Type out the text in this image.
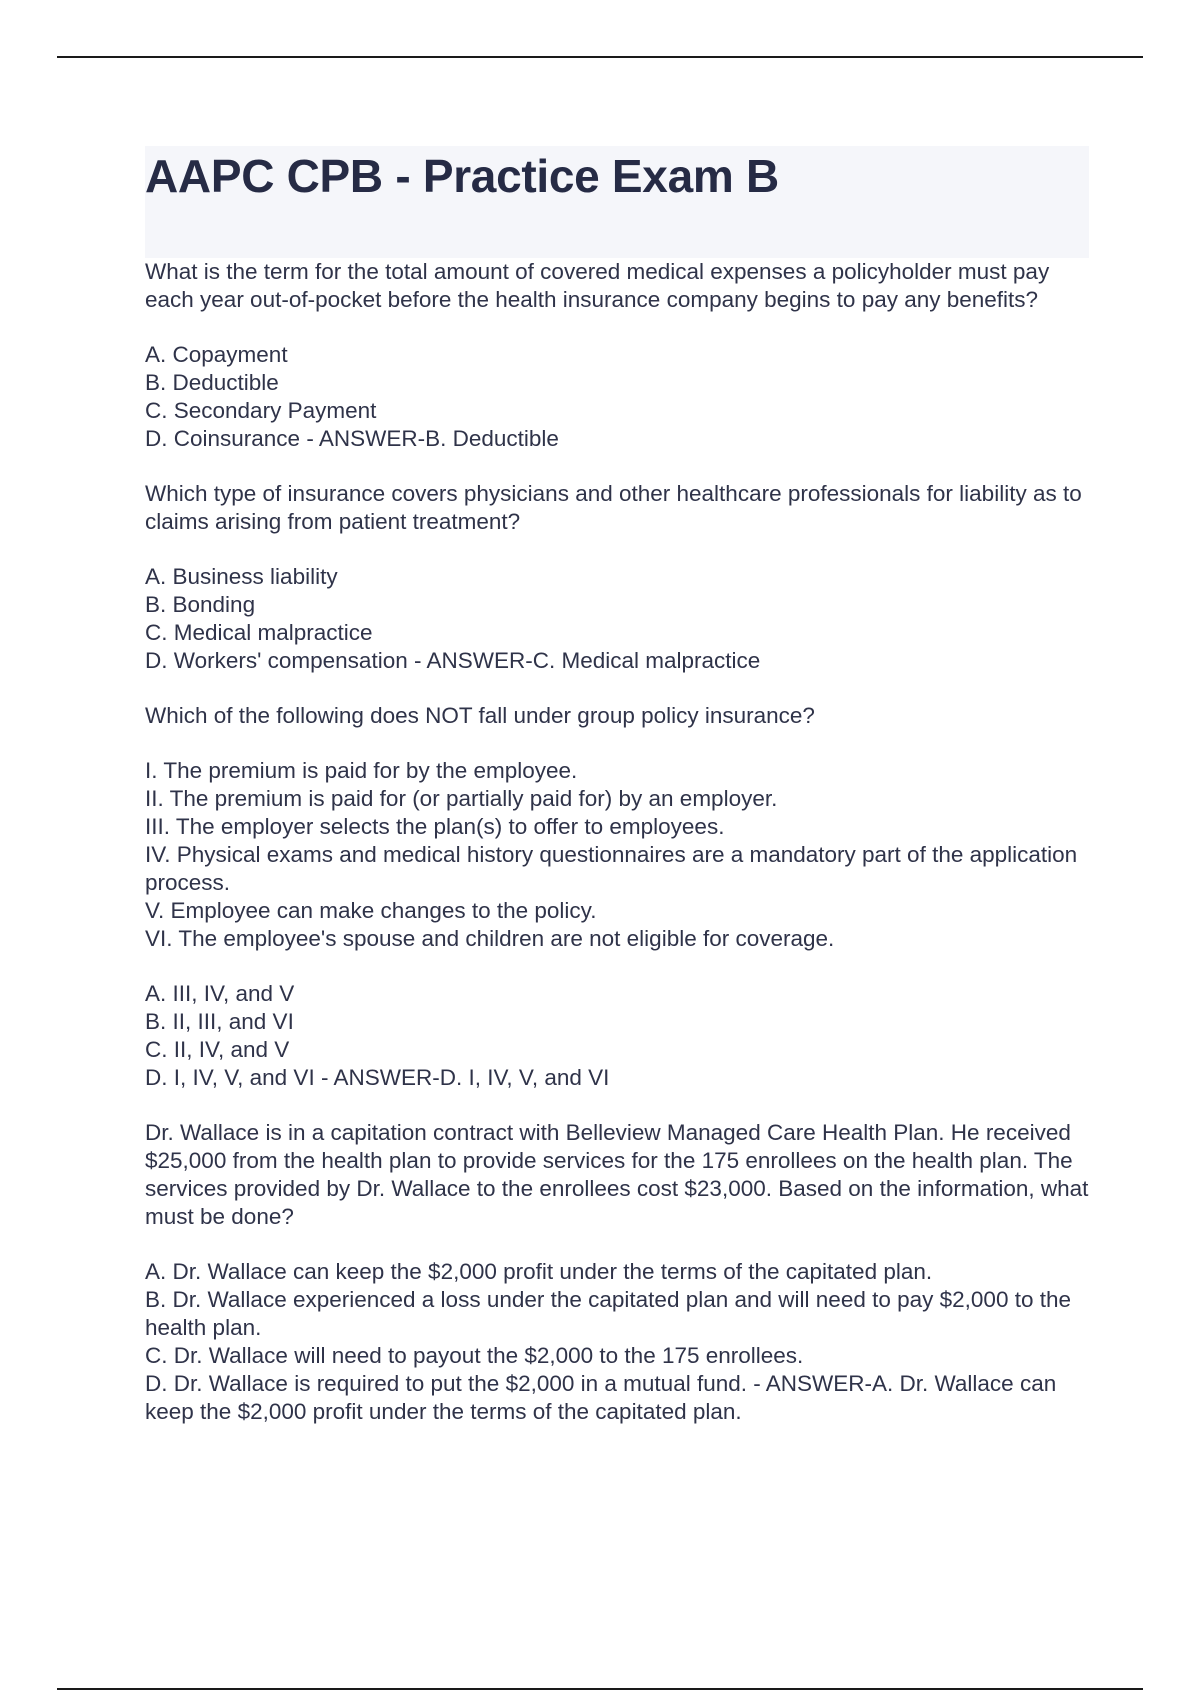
AAPC CPB - Practice Exam B

What is the term for the total amount of covered medical expenses a policyholder must pay each year out-of-pocket before the health insurance company begins to pay any benefits?

A. Copayment
B. Deductible
C. Secondary Payment
D. Coinsurance - ANSWER-B. Deductible

Which type of insurance covers physicians and other healthcare professionals for liability as to claims arising from patient treatment?

A. Business liability
B. Bonding
C. Medical malpractice
D. Workers' compensation - ANSWER-C. Medical malpractice

Which of the following does NOT fall under group policy insurance?

I. The premium is paid for by the employee.
II. The premium is paid for (or partially paid for) by an employer.
III. The employer selects the plan(s) to offer to employees.
IV. Physical exams and medical history questionnaires are a mandatory part of the application process.
V. Employee can make changes to the policy.
VI. The employee's spouse and children are not eligible for coverage.
A. III, IV, and V
B. II, III, and VI
C. II, IV, and V
D. I, IV, V, and VI - ANSWER-D. I, IV, V, and VI

Dr. Wallace is in a capitation contract with Belleview Managed Care Health Plan. He received $25,000 from the health plan to provide services for the 175 enrollees on the health plan. The services provided by Dr. Wallace to the enrollees cost $23,000. Based on the information, what must be done?

A. Dr. Wallace can keep the $2,000 profit under the terms of the capitated plan.
B. Dr. Wallace experienced a loss under the capitated plan and will need to pay $2,000 to the health plan.
C. Dr. Wallace will need to payout the $2,000 to the 175 enrollees.
D. Dr. Wallace is required to put the $2,000 in a mutual fund. - ANSWER-A. Dr. Wallace can keep the $2,000 profit under the terms of the capitated plan.
